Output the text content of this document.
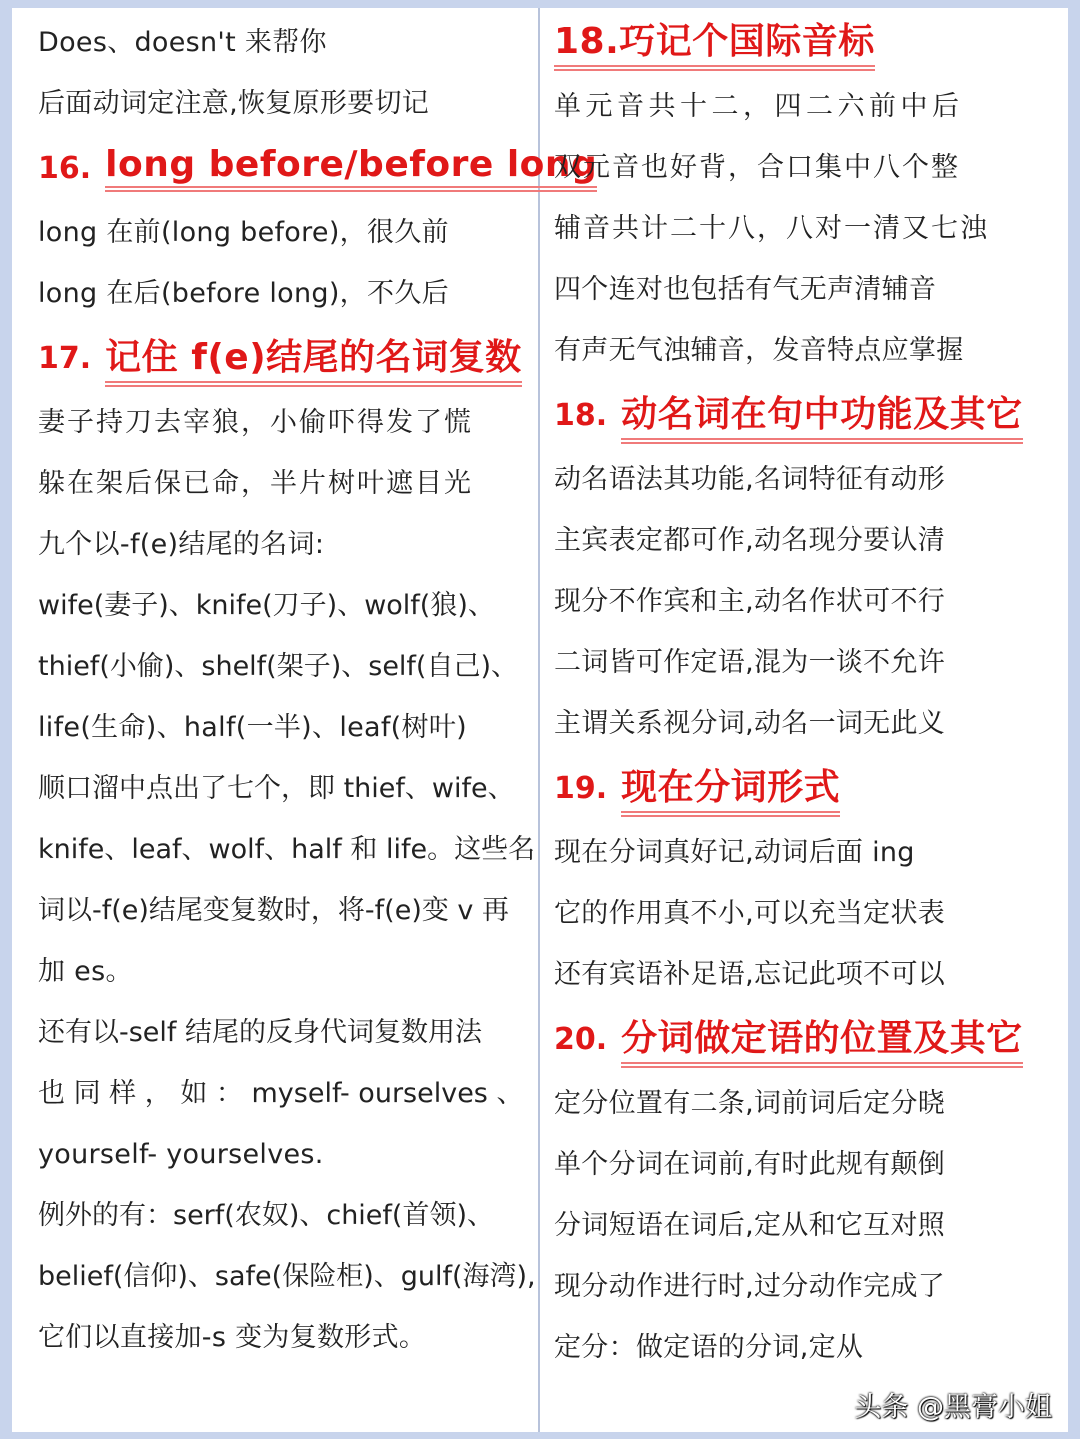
Does、doesn't 来帮你
后面动词定注意,恢复原形要切记
16. long before/before long
long 在前(long before)，很久前
long 在后(before long)，不久后
17. 记住 f(e)结尾的名词复数
妻子持刀去宰狼，小偷吓得发了慌
躲在架后保已命，半片树叶遮目光
九个以-f(e)结尾的名词:
wife(妻子)、knife(刀子)、wolf(狼)、
thief(小偷)、shelf(架子)、self(自己)、
life(生命)、half(一半)、leaf(树叶)
顺口溜中点出了七个，即 thief、wife、
knife、leaf、wolf、half 和 life。这些名
词以-f(e)结尾变复数时，将-f(e)变 v 再
加 es。
还有以-self 结尾的反身代词复数用法
也 同 样 ， 如 ： myself- ourselves 、
yourself- yourselves.
例外的有：serf(农奴)、chief(首领)、
belief(信仰)、safe(保险柜)、gulf(海湾),
它们以直接加-s 变为复数形式。
18.巧记个国际音标
单元音共十二，四二六前中后
双元音也好背，合口集中八个整
辅音共计二十八，八对一清又七浊
四个连对也包括有气无声清辅音
有声无气浊辅音，发音特点应掌握
18. 动名词在句中功能及其它
动名语法其功能,名词特征有动形
主宾表定都可作,动名现分要认清
现分不作宾和主,动名作状可不行
二词皆可作定语,混为一谈不允许
主谓关系视分词,动名一词无此义
19. 现在分词形式
现在分词真好记,动词后面 ing
它的作用真不小,可以充当定状表
还有宾语补足语,忘记此项不可以
20. 分词做定语的位置及其它
定分位置有二条,词前词后定分晓
单个分词在词前,有时此规有颠倒
分词短语在词后,定从和它互对照
现分动作进行时,过分动作完成了
定分：做定语的分词,定从
头条 @黑膏小姐
